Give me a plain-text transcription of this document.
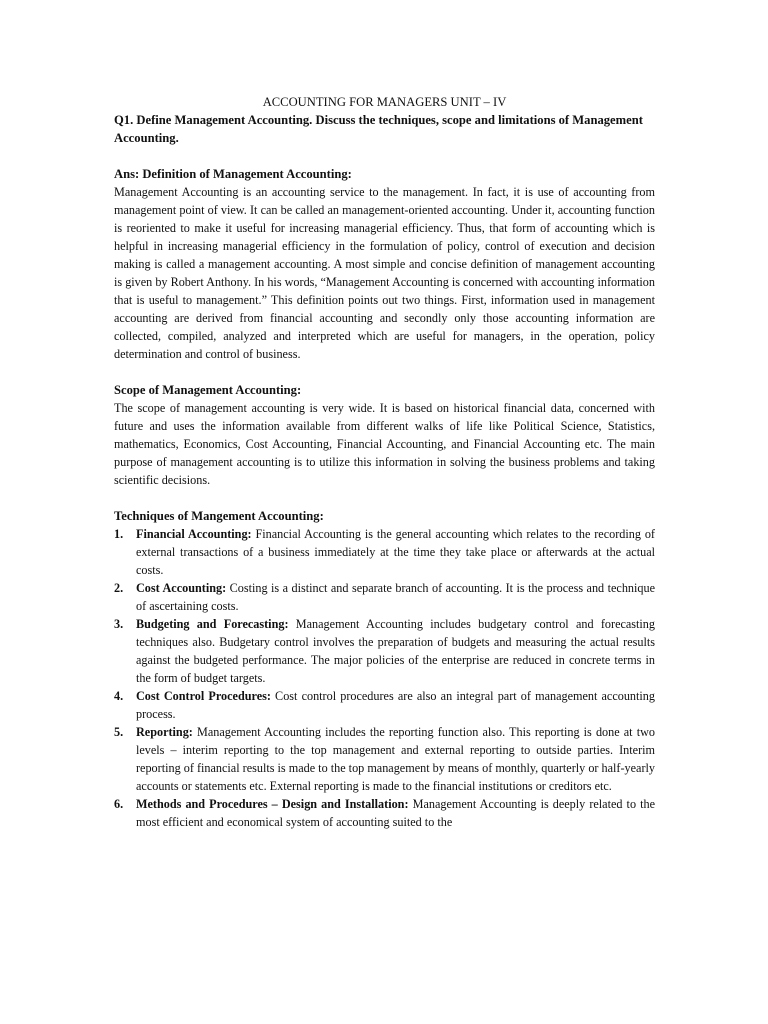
ACCOUNTING FOR MANAGERS UNIT – IV

Q1. Define Management Accounting. Discuss the techniques, scope and limitations of Management Accounting.

Ans: Definition of Management Accounting:

Management Accounting is an accounting service to the management. In fact, it is use of accounting from management point of view. It can be called an management-oriented accounting. Under it, accounting function is reoriented to make it useful for increasing managerial efficiency. Thus, that form of accounting which is helpful in increasing managerial efficiency in the formulation of policy, control of execution and decision making is called a management accounting. A most simple and concise definition of management accounting is given by Robert Anthony. In his words, “Management Accounting is concerned with accounting information that is useful to management.” This definition points out two things. First, information used in management accounting are derived from financial accounting and secondly only those accounting information are collected, compiled, analyzed and interpreted which are useful for managers, in the operation, policy determination and control of business.

Scope of Management Accounting:

The scope of management accounting is very wide. It is based on historical financial data, concerned with future and uses the information available from different walks of life like Political Science, Statistics, mathematics, Economics, Cost Accounting, Financial Accounting, and Financial Accounting etc. The main purpose of management accounting is to utilize this information in solving the business problems and taking scientific decisions.

Techniques of Mangement Accounting:

1. Financial Accounting: Financial Accounting is the general accounting which relates to the recording of external transactions of a business immediately at the time they take place or afterwards at the actual costs.
2. Cost Accounting: Costing is a distinct and separate branch of accounting. It is the process and technique of ascertaining costs.
3. Budgeting and Forecasting: Management Accounting includes budgetary control and forecasting techniques also. Budgetary control involves the preparation of budgets and measuring the actual results against the budgeted performance. The major policies of the enterprise are reduced in concrete terms in the form of budget targets.
4. Cost Control Procedures: Cost control procedures are also an integral part of management accounting process.
5. Reporting: Management Accounting includes the reporting function also. This reporting is done at two levels – interim reporting to the top management and external reporting to outside parties. Interim reporting of financial results is made to the top management by means of monthly, quarterly or half-yearly accounts or statements etc. External reporting is made to the financial institutions or creditors etc.
6. Methods and Procedures – Design and Installation: Management Accounting is deeply related to the most efficient and economical system of accounting suited to the
